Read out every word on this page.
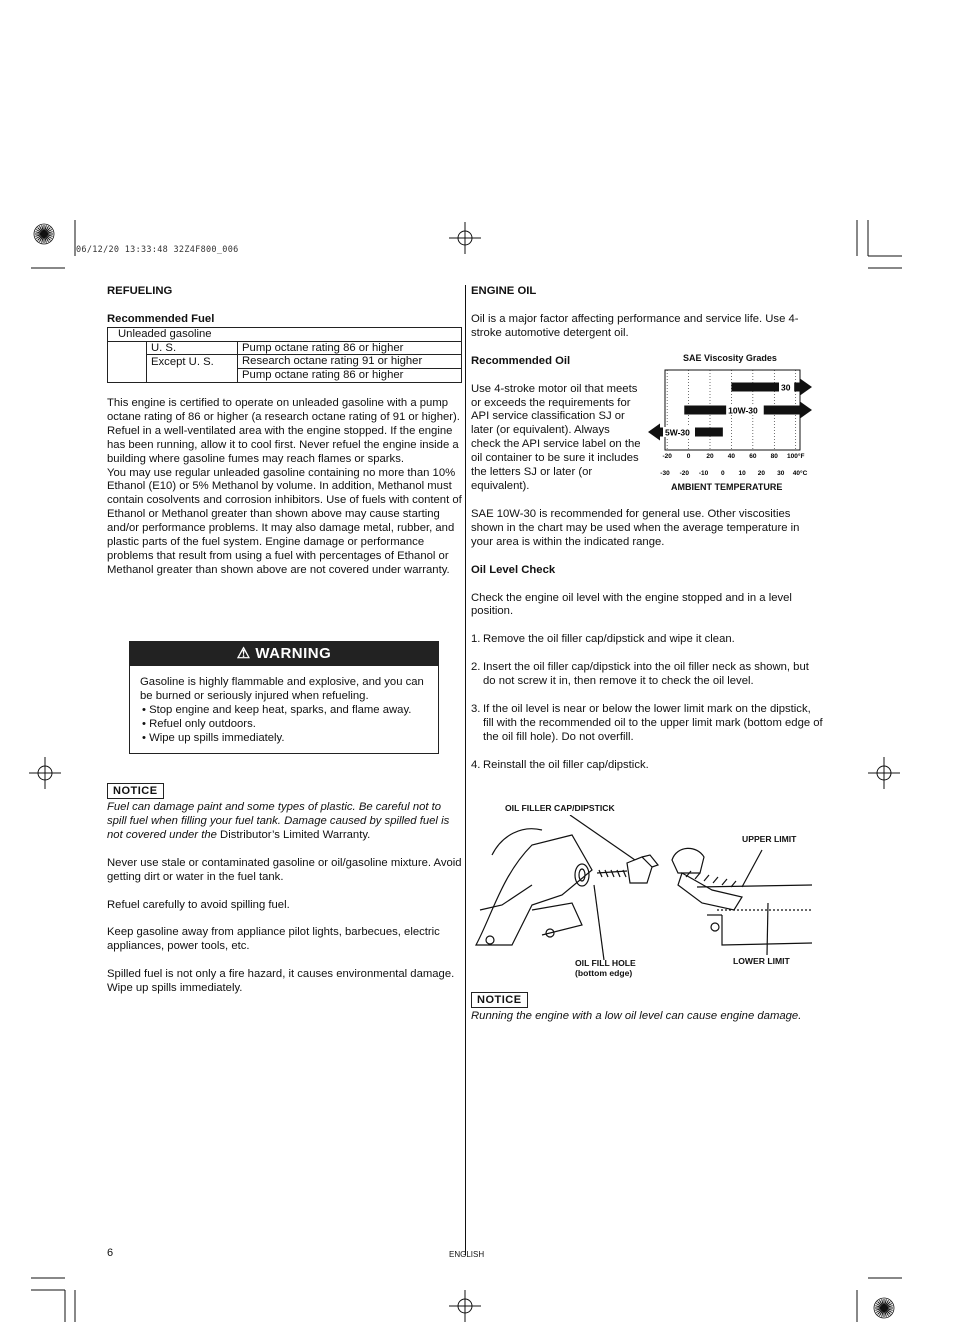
06/12/20 13:33:48 32Z4F800_006

REFUELING

Recommended Fuel

Unleaded gasoline		
	U. S.	Pump octane rating 86 or higher
	Except U. S.	Research octane rating 91 or higher
		Pump octane rating 86 or higher

This engine is certified to operate on unleaded gasoline with a pump octane rating of 86 or higher (a research octane rating of 91 or higher).

Refuel in a well-ventilated area with the engine stopped. If the engine has been running, allow it to cool first. Never refuel the engine inside a building where gasoline fumes may reach flames or sparks.

You may use regular unleaded gasoline containing no more than 10% Ethanol (E10) or 5% Methanol by volume. In addition, Methanol must contain cosolvents and corrosion inhibitors. Use of fuels with content of Ethanol or Methanol greater than shown above may cause starting and/or performance problems. It may also damage metal, rubber, and plastic parts of the fuel system. Engine damage or performance problems that result from using a fuel with percentages of Ethanol or Methanol greater than shown above are not covered under warranty.

⚠ WARNING

Gasoline is highly flammable and explosive, and you can be burned or seriously injured when refueling.

• Stop engine and keep heat, sparks, and flame away.

• Refuel only outdoors.

• Wipe up spills immediately.

NOTICE

Fuel can damage paint and some types of plastic. Be careful not to spill fuel when filling your fuel tank. Damage caused by spilled fuel is not covered under the Distributor’s Limited Warranty.

Never use stale or contaminated gasoline or oil/gasoline mixture. Avoid getting dirt or water in the fuel tank.

Refuel carefully to avoid spilling fuel.

Keep gasoline away from appliance pilot lights, barbecues, electric appliances, power tools, etc.

Spilled fuel is not only a fire hazard, it causes environmental damage. Wipe up spills immediately.

ENGINE OIL

Oil is a major factor affecting performance and service life. Use 4-stroke automotive detergent oil.

Recommended Oil

Use 4-stroke motor oil that meets or exceeds the requirements for API service classification SJ or later (or equivalent). Always check the API service label on the oil container to be sure it includes the letters SJ or later (or equivalent).

SAE 10W-30 is recommended for general use. Other viscosities shown in the chart may be used when the average temperature in your area is within the indicated range.

Oil Level Check

Check the engine oil level with the engine stopped and in a level position.

1. Remove the oil filler cap/dipstick and wipe it clean.
2. Insert the oil filler cap/dipstick into the oil filler neck as shown, but do not screw it in, then remove it to check the oil level.
3. If the oil level is near or below the lower limit mark on the dipstick, fill with the recommended oil to the upper limit mark (bottom edge of the oil fill hole). Do not overfill.
4. Reinstall the oil filler cap/dipstick.
SAE Viscosity Grades
30
10W-30
5W-30
-20 0 20 40 60 80 100°F
-30 -20 -10 0 10 20 30 40°C
AMBIENT TEMPERATURE
OIL FILLER CAP/DIPSTICK
UPPER LIMIT
OIL FILL HOLE
(bottom edge)
LOWER LIMIT
NOTICE

Running the engine with a low oil level can cause engine damage.

6	ENGLISH
